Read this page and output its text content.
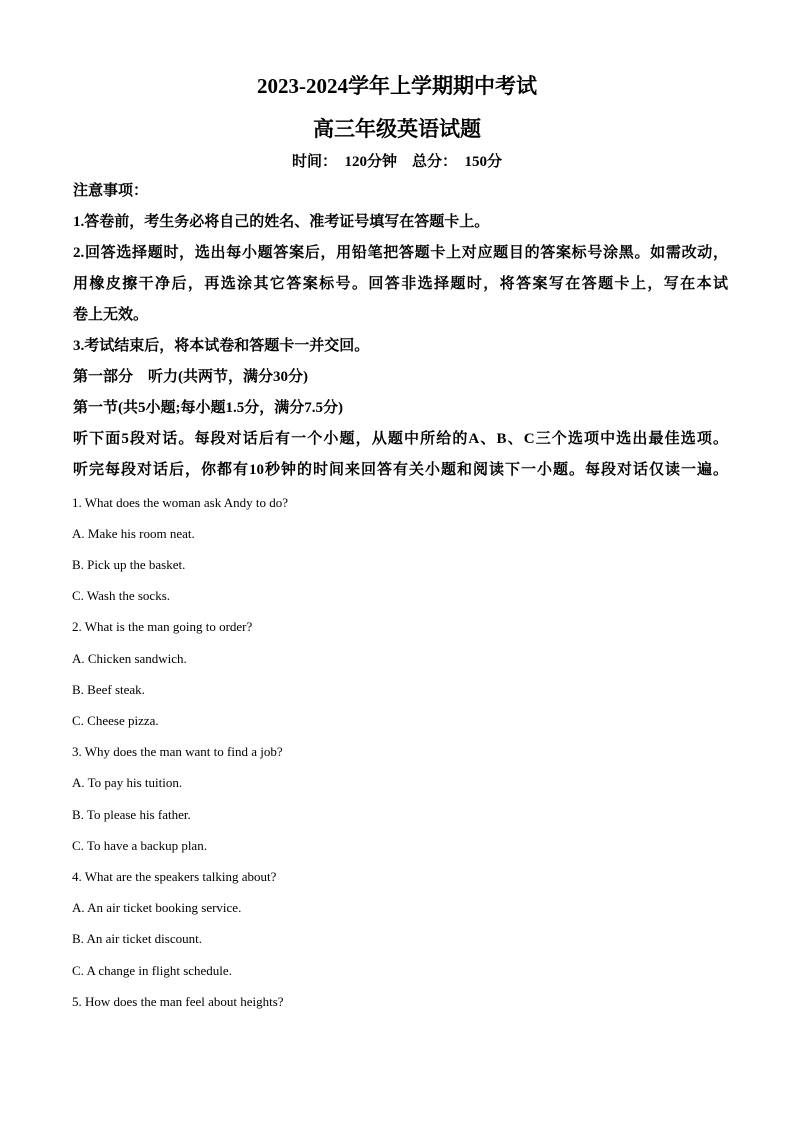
2023-2024学年上学期期中考试
高三年级英语试题
时间：  120分钟    总分：  150分
注意事项：
1.答卷前，考生务必将自己的姓名、准考证号填写在答题卡上。
2.回答选择题时，选出每小题答案后，用铅笔把答题卡上对应题目的答案标号涂黑。如需改动，
用橡皮擦干净后，再选涂其它答案标号。回答非选择题时，将答案写在答题卡上，写在本试
卷上无效。
3.考试结束后，将本试卷和答题卡一并交回。
第一部分    听力(共两节，满分30分)
第一节(共5小题;每小题1.5分，满分7.5分)
听下面5段对话。每段对话后有一个小题，从题中所给的A、B、C三个选项中选出最佳选项。
听完每段对话后，你都有10秒钟的时间来回答有关小题和阅读下一小题。每段对话仅读一遍。
1. What does the woman ask Andy to do?
A. Make his room neat.
B. Pick up the basket.
C. Wash the socks.
2. What is the man going to order?
A. Chicken sandwich.
B. Beef steak.
C. Cheese pizza.
3. Why does the man want to find a job?
A. To pay his tuition.
B. To please his father.
C. To have a backup plan.
4. What are the speakers talking about?
A. An air ticket booking service.
B. An air ticket discount.
C. A change in flight schedule.
5. How does the man feel about heights?
